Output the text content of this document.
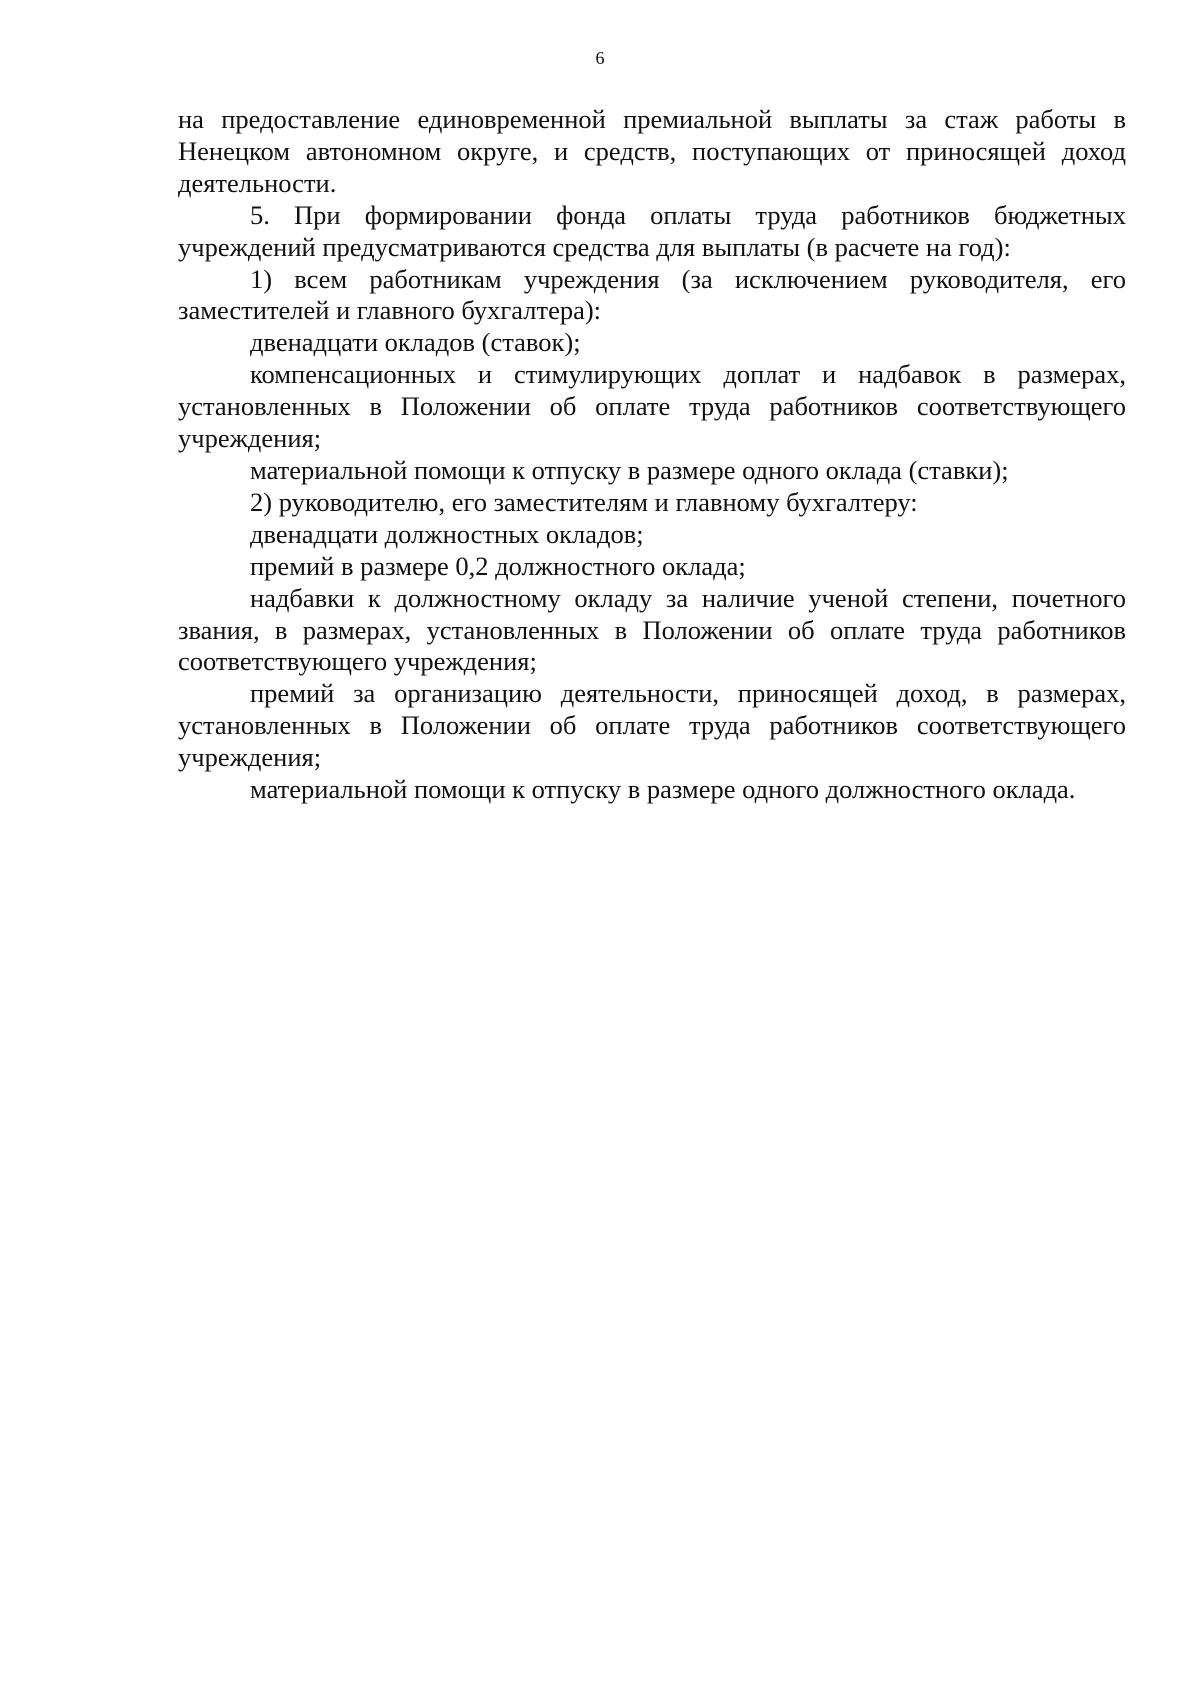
6

на предоставление единовременной премиальной выплаты за стаж работы в Ненецком автономном округе, и средств, поступающих от приносящей доход деятельности.

5. При формировании фонда оплаты труда работников бюджетных учреждений предусматриваются средства для выплаты (в расчете на год):

1) всем работникам учреждения (за исключением руководителя, его заместителей и главного бухгалтера):

двенадцати окладов (ставок);

компенсационных и стимулирующих доплат и надбавок в размерах, установленных в Положении об оплате труда работников соответствующего учреждения;

материальной помощи к отпуску в размере одного оклада (ставки);

2) руководителю, его заместителям и главному бухгалтеру:

двенадцати должностных окладов;

премий в размере 0,2 должностного оклада;

надбавки к должностному окладу за наличие ученой степени, почетного звания, в размерах, установленных в Положении об оплате труда работников соответствующего учреждения;

премий за организацию деятельности, приносящей доход, в размерах, установленных в Положении об оплате труда работников соответствующего учреждения;

материальной помощи к отпуску в размере одного должностного оклада.
